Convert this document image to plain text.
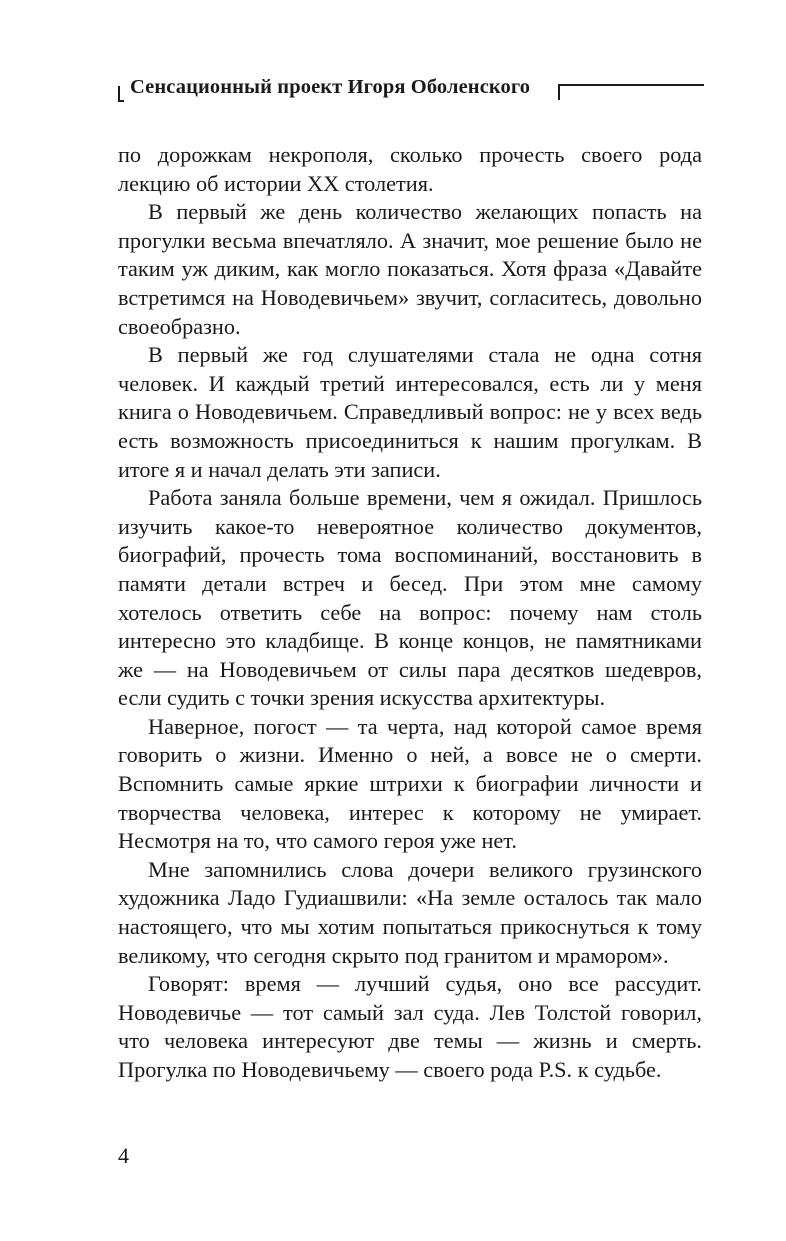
Сенсационный проект Игоря Оболенского

по дорожкам некрополя, сколько прочесть своего рода лекцию об истории XX столетия.

В первый же день количество желающих попасть на прогулки весьма впечатляло. А значит, мое решение было не таким уж диким, как могло показаться. Хотя фраза «Давайте встретимся на Новодевичьем» звучит, согласитесь, довольно своеобразно.

В первый же год слушателями стала не одна сотня человек. И каждый третий интересовался, есть ли у меня книга о Новодевичьем. Справедливый вопрос: не у всех ведь есть возможность присоединиться к нашим прогулкам. В итоге я и начал делать эти записи.

Работа заняла больше времени, чем я ожидал. Пришлось изучить какое-то невероятное количество документов, биографий, прочесть тома воспоминаний, восстановить в памяти детали встреч и бесед. При этом мне самому хотелось ответить себе на вопрос: почему нам столь интересно это кладбище. В конце концов, не памятниками же — на Новодевичьем от силы пара десятков шедевров, если судить с точки зрения искусства архитектуры.

Наверное, погост — та черта, над которой самое время говорить о жизни. Именно о ней, а вовсе не о смерти. Вспомнить самые яркие штрихи к биографии личности и творчества человека, интерес к которому не умирает. Несмотря на то, что самого героя уже нет.

Мне запомнились слова дочери великого грузинского художника Ладо Гудиашвили: «На земле осталось так мало настоящего, что мы хотим попытаться прикоснуться к тому великому, что сегодня скрыто под гранитом и мрамором».

Говорят: время — лучший судья, оно все рассудит. Новодевичье — тот самый зал суда. Лев Толстой говорил, что человека интересуют две темы — жизнь и смерть. Прогулка по Новодевичьему — своего рода P.S. к судьбе.

4
